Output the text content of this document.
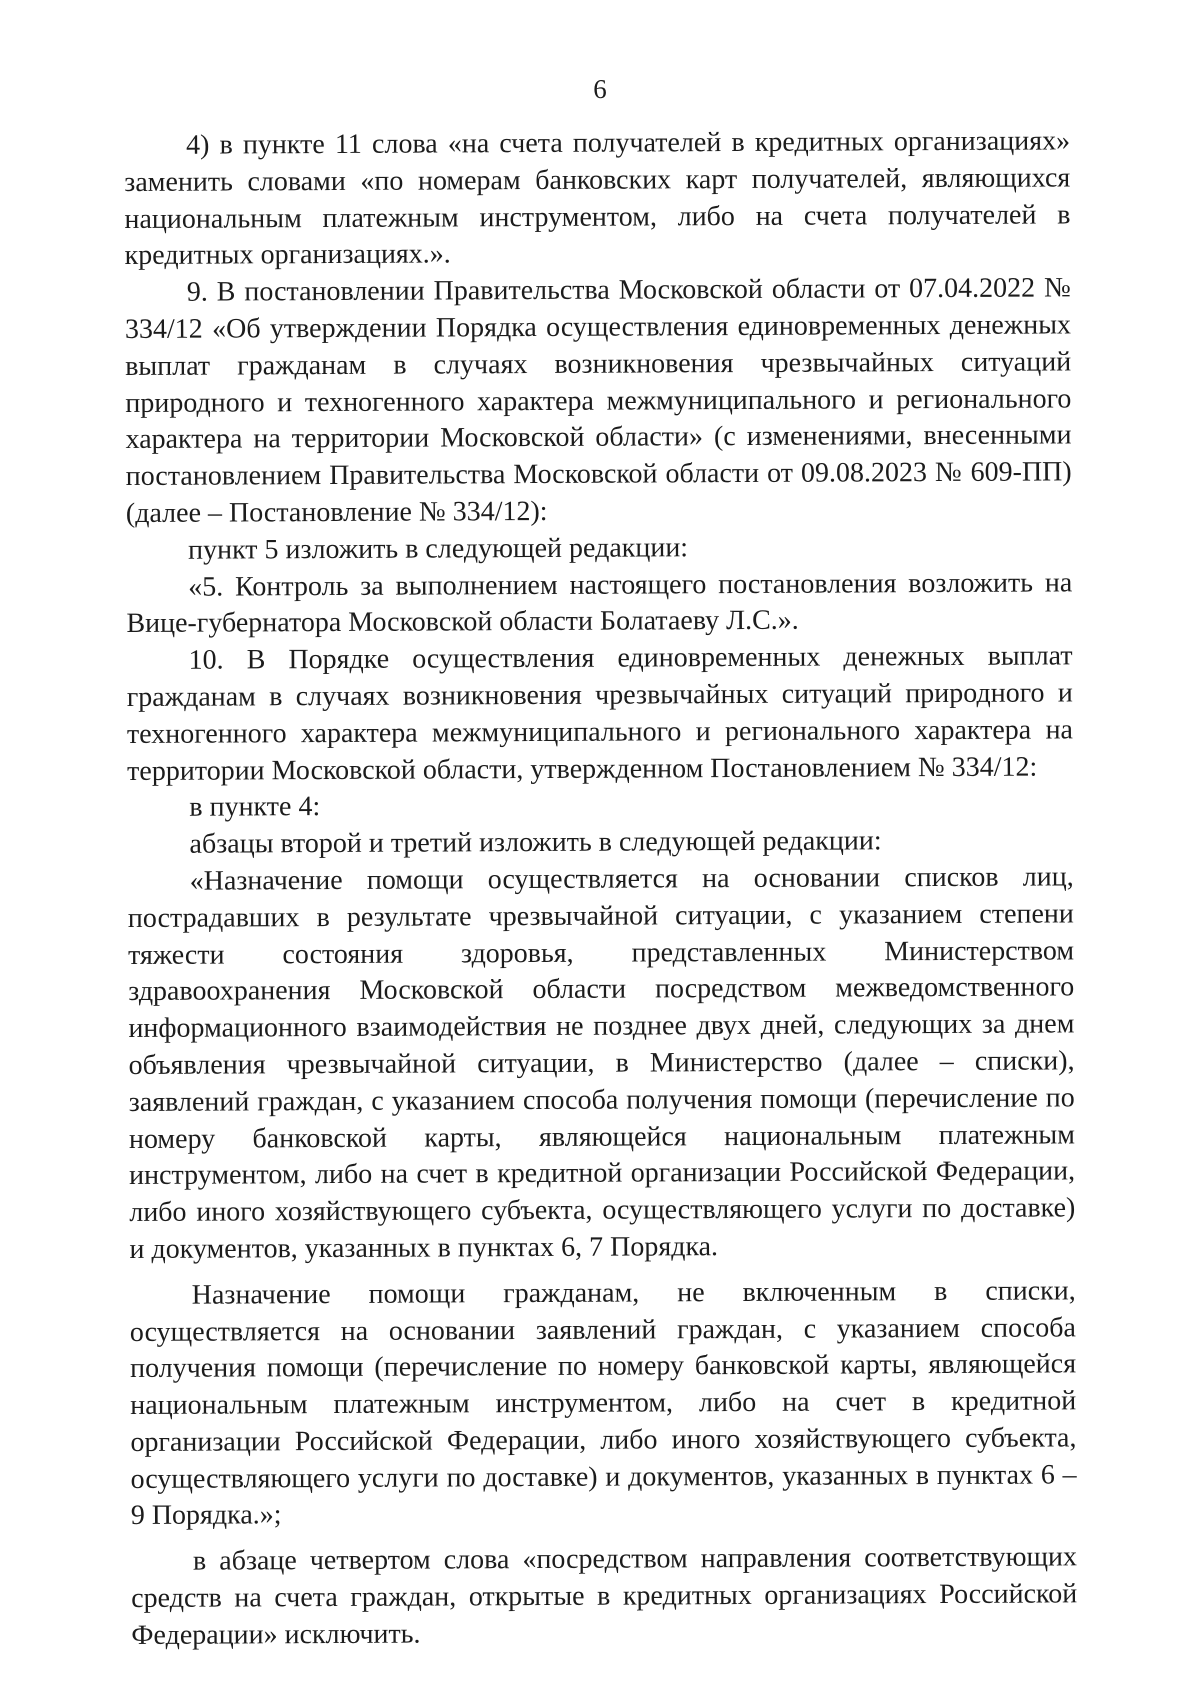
6

4) в пункте 11 слова «на счета получателей в кредитных организациях» заменить словами «по номерам банковских карт получателей, являющихся национальным платежным инструментом, либо на счета получателей в кредитных организациях.».

9. В постановлении Правительства Московской области от 07.04.2022 № 334/12 «Об утверждении Порядка осуществления единовременных денежных выплат гражданам в случаях возникновения чрезвычайных ситуаций природного и техногенного характера межмуниципального и регионального характера на территории Московской области» (с изменениями, внесенными постановлением Правительства Московской области от 09.08.2023 № 609-ПП) (далее – Постановление № 334/12):

пункт 5 изложить в следующей редакции:

«5. Контроль за выполнением настоящего постановления возложить на Вице-губернатора Московской области Болатаеву Л.С.».

10. В Порядке осуществления единовременных денежных выплат гражданам в случаях возникновения чрезвычайных ситуаций природного и техногенного характера межмуниципального и регионального характера на территории Московской области, утвержденном Постановлением № 334/12:

в пункте 4:

абзацы второй и третий изложить в следующей редакции:

«Назначение помощи осуществляется на основании списков лиц, пострадавших в результате чрезвычайной ситуации, с указанием степени тяжести состояния здоровья, представленных Министерством здравоохранения Московской области посредством межведомственного информационного взаимодействия не позднее двух дней, следующих за днем объявления чрезвычайной ситуации, в Министерство (далее – списки), заявлений граждан, с указанием способа получения помощи (перечисление по номеру банковской карты, являющейся национальным платежным инструментом, либо на счет в кредитной организации Российской Федерации, либо иного хозяйствующего субъекта, осуществляющего услуги по доставке) и документов, указанных в пунктах 6, 7 Порядка.

Назначение помощи гражданам, не включенным в списки, осуществляется на основании заявлений граждан, с указанием способа получения помощи (перечисление по номеру банковской карты, являющейся национальным платежным инструментом, либо на счет в кредитной организации Российской Федерации, либо иного хозяйствующего субъекта, осуществляющего услуги по доставке) и документов, указанных в пунктах 6 – 9 Порядка.»;

в абзаце четвертом слова «посредством направления соответствующих средств на счета граждан, открытые в кредитных организациях Российской Федерации» исключить.
